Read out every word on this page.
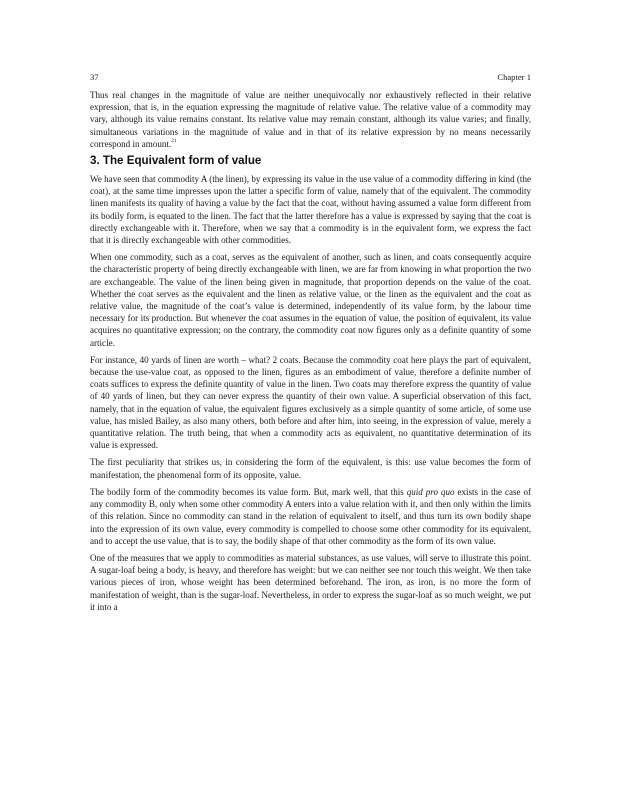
37	Chapter 1

Thus real changes in the magnitude of value are neither unequivocally nor exhaustively reflected in their relative expression, that is, in the equation expressing the magnitude of relative value. The relative value of a commodity may vary, although its value remains constant. Its relative value may remain constant, although its value varies; and finally, simultaneous variations in the magnitude of value and in that of its relative expression by no means necessarily correspond in amount.$^{21}$

3. The Equivalent form of value

We have seen that commodity A (the linen), by expressing its value in the use value of a commodity differing in kind (the coat), at the same time impresses upon the latter a specific form of value, namely that of the equivalent. The commodity linen manifests its quality of having a value by the fact that the coat, without having assumed a value form different from its bodily form, is equated to the linen. The fact that the latter therefore has a value is expressed by saying that the coat is directly exchangeable with it. Therefore, when we say that a commodity is in the equivalent form, we express the fact that it is directly exchangeable with other commodities.

When one commodity, such as a coat, serves as the equivalent of another, such as linen, and coats consequently acquire the characteristic property of being directly exchangeable with linen, we are far from knowing in what proportion the two are exchangeable. The value of the linen being given in magnitude, that proportion depends on the value of the coat. Whether the coat serves as the equivalent and the linen as relative value, or the linen as the equivalent and the coat as relative value, the magnitude of the coat’s value is determined, independently of its value form, by the labour time necessary for its production. But whenever the coat assumes in the equation of value, the position of equivalent, its value acquires no quantitative expression; on the contrary, the commodity coat now figures only as a definite quantity of some article.

For instance, 40 yards of linen are worth – what? 2 coats. Because the commodity coat here plays the part of equivalent, because the use-value coat, as opposed to the linen, figures as an embodiment of value, therefore a definite number of coats suffices to express the definite quantity of value in the linen. Two coats may therefore express the quantity of value of 40 yards of linen, but they can never express the quantity of their own value. A superficial observation of this fact, namely, that in the equation of value, the equivalent figures exclusively as a simple quantity of some article, of some use value, has misled Bailey, as also many others, both before and after him, into seeing, in the expression of value, merely a quantitative relation. The truth being, that when a commodity acts as equivalent, no quantitative determination of its value is expressed.

The first peculiarity that strikes us, in considering the form of the equivalent, is this: use value becomes the form of manifestation, the phenomenal form of its opposite, value.

The bodily form of the commodity becomes its value form. But, mark well, that this quid pro quo exists in the case of any commodity B, only when some other commodity A enters into a value relation with it, and then only within the limits of this relation. Since no commodity can stand in the relation of equivalent to itself, and thus turn its own bodily shape into the expression of its own value, every commodity is compelled to choose some other commodity for its equivalent, and to accept the use value, that is to say, the bodily shape of that other commodity as the form of its own value.

One of the measures that we apply to commodities as material substances, as use values, will serve to illustrate this point. A sugar-loaf being a body, is heavy, and therefore has weight: but we can neither see nor touch this weight. We then take various pieces of iron, whose weight has been determined beforehand. The iron, as iron, is no more the form of manifestation of weight, than is the sugar-loaf. Nevertheless, in order to express the sugar-loaf as so much weight, we put it into a
